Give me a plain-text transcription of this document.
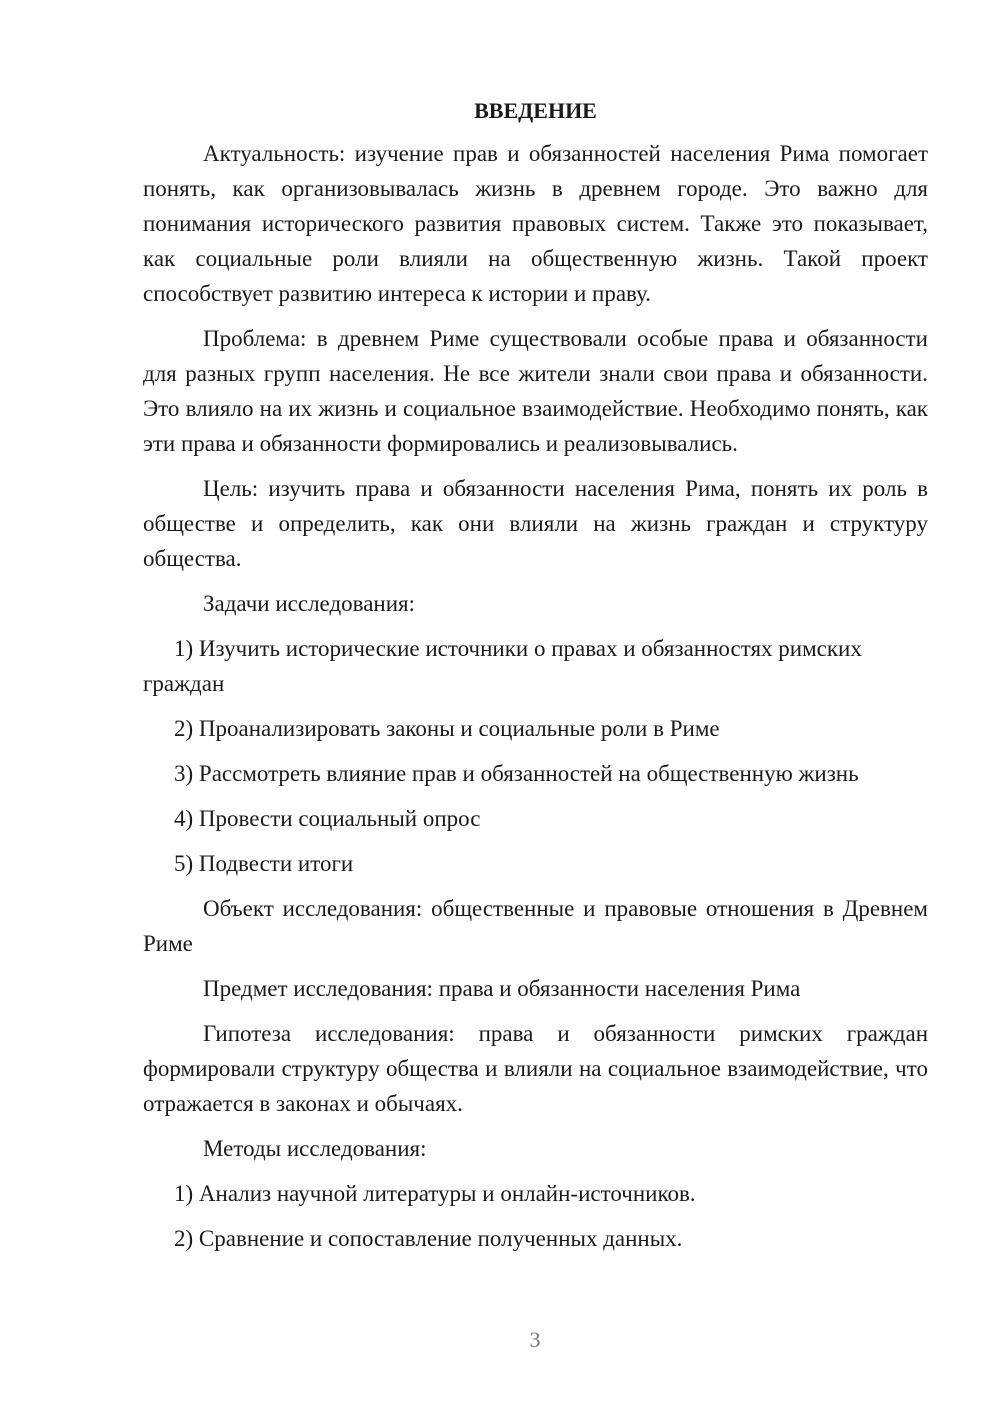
ВВЕДЕНИЕ

Актуальность: изучение прав и обязанностей населения Рима помогает понять, как организовывалась жизнь в древнем городе. Это важно для понимания исторического развития правовых систем. Также это показывает, как социальные роли влияли на общественную жизнь. Такой проект способствует развитию интереса к истории и праву.

Проблема: в древнем Риме существовали особые права и обязанности для разных групп населения. Не все жители знали свои права и обязанности. Это влияло на их жизнь и социальное взаимодействие. Необходимо понять, как эти права и обязанности формировались и реализовывались.

Цель: изучить права и обязанности населения Рима, понять их роль в обществе и определить, как они влияли на жизнь граждан и структуру общества.

Задачи исследования:

1) Изучить исторические источники о правах и обязанностях римских граждан

2) Проанализировать законы и социальные роли в Риме

3) Рассмотреть влияние прав и обязанностей на общественную жизнь

4) Провести социальный опрос

5) Подвести итоги

Объект исследования: общественные и правовые отношения в Древнем Риме

Предмет исследования: права и обязанности населения Рима

Гипотеза исследования: права и обязанности римских граждан формировали структуру общества и влияли на социальное взаимодействие, что отражается в законах и обычаях.

Методы исследования:

1) Анализ научной литературы и онлайн-источников.

2) Сравнение и сопоставление полученных данных.

3
